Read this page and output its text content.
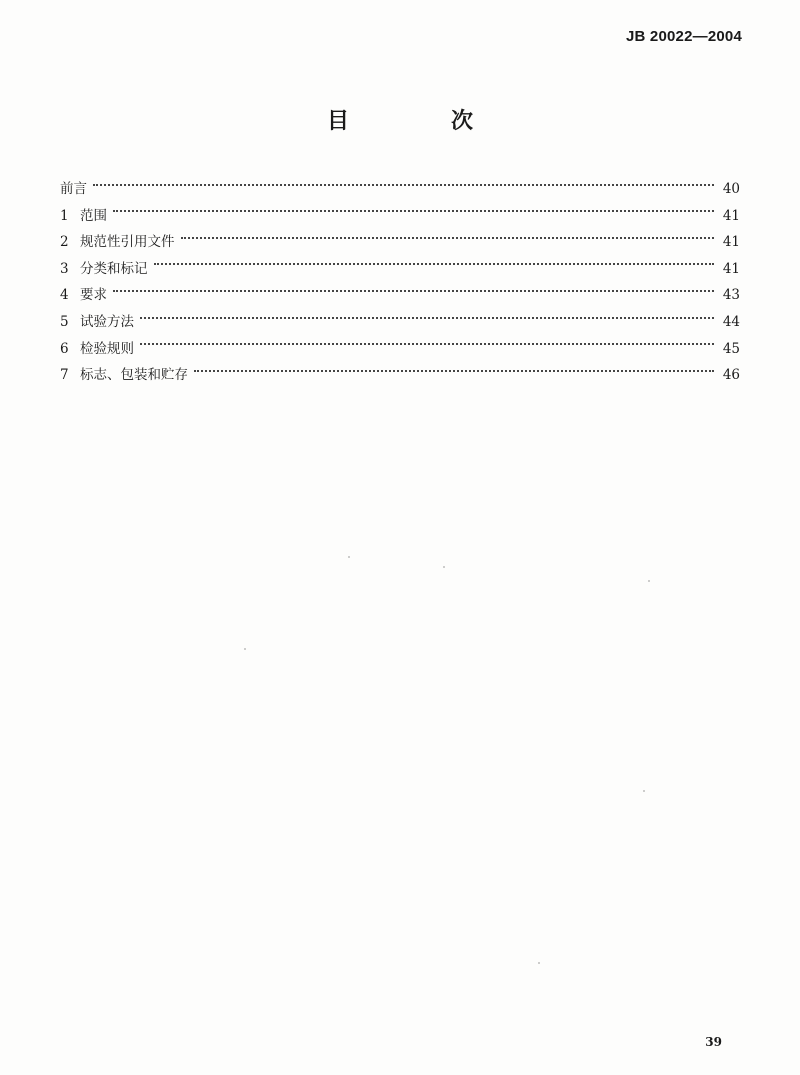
JB 20022—2004
目　次
前言	40
1 范围	41
2 规范性引用文件	41
3 分类和标记	41
4 要求	43
5 试验方法	44
6 检验规则	45
7 标志、包装和贮存	46
39
